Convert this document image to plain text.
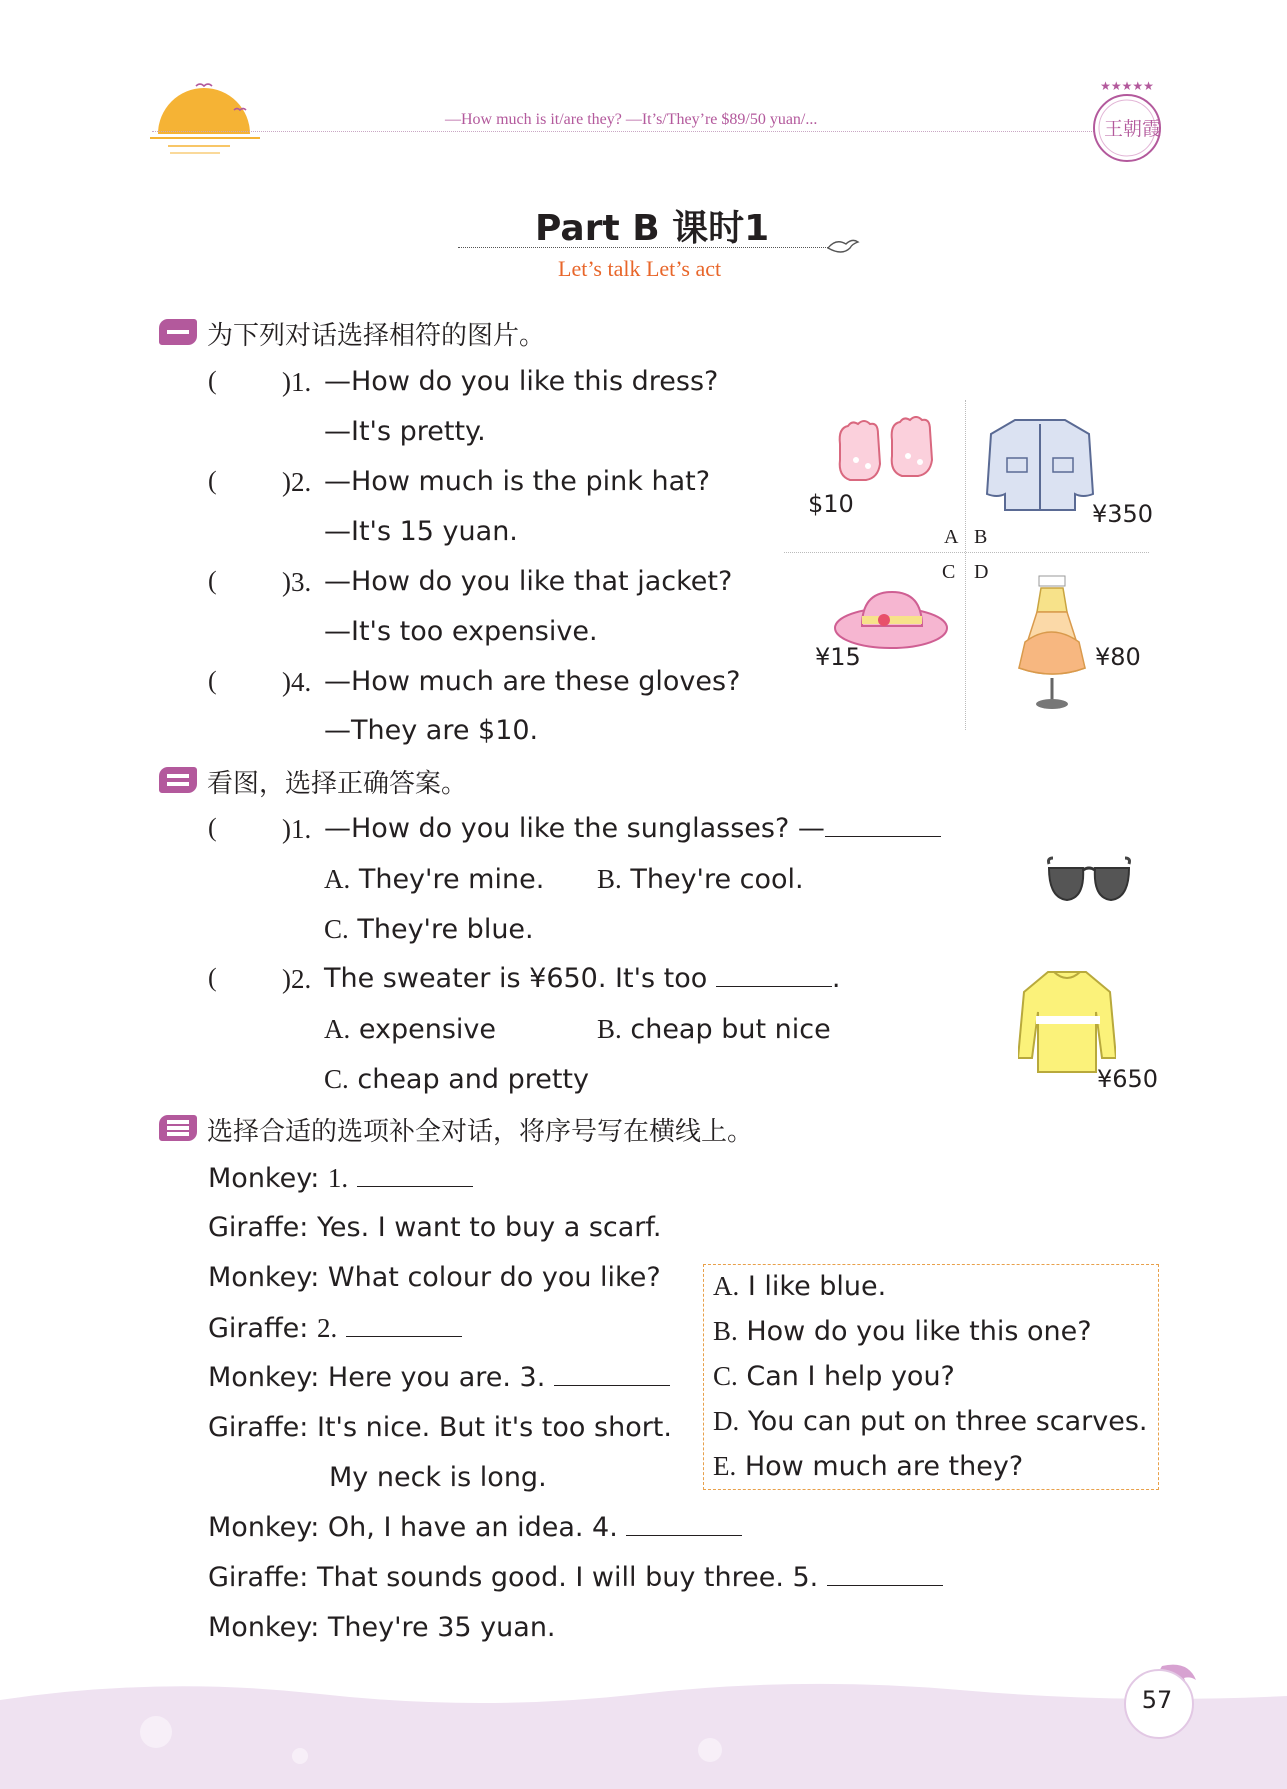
—How much is it/are they? —It’s/They’re $89/50 yuan/...
★★★★★
王朝霞
Part B 课时1
Let’s talk Let’s act
为下列对话选择相符的图片。
( )1. —How do you like this dress?
—It's pretty.
( )2. —How much is the pink hat?
—It's 15 yuan.
( )3. —How do you like that jacket?
—It's too expensive.
( )4. —How much are these gloves?
—They are $10.
$10	¥350
A B
C D
¥15	¥80
看图，选择正确答案。
( )1. —How do you like the sunglasses? —
A. They're mine. B. They're cool.
C. They're blue.
( )2. The sweater is ¥650. It's too	.
A. expensive	B. cheap but nice
C. cheap and pretty	¥650
选择合适的选项补全对话，将序号写在横线上。
Monkey: 1.
Giraffe: Yes. I want to buy a scarf.
Monkey: What colour do you like?
Giraffe: 2.
Monkey: Here you are. 3.
Giraffe: It's nice. But it's too short.
My neck is long.
Monkey: Oh, I have an idea. 4.
Giraffe: That sounds good. I will buy three. 5.
Monkey: They're 35 yuan.
A. I like blue.
B. How do you like this one?
C. Can I help you?
D. You can put on three scarves.
E. How much are they?
57
